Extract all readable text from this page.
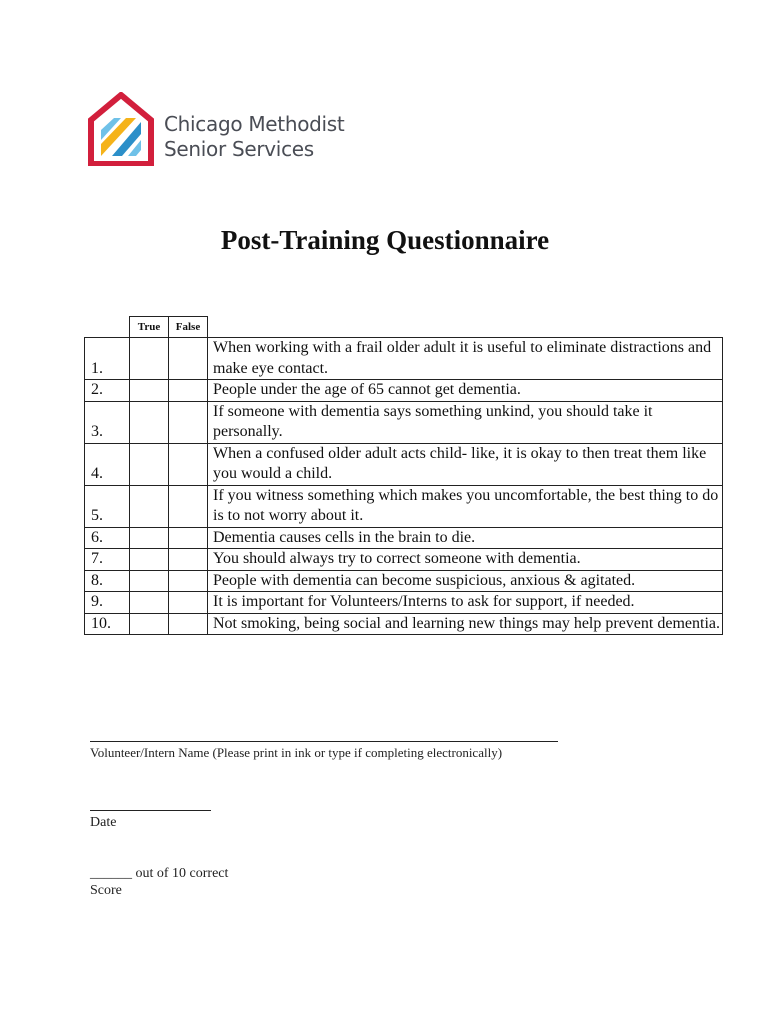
Chicago Methodist
Senior Services
Post-Training Questionnaire
	True	False	
1.			When working with a frail older adult it is useful to eliminate distractions and make eye contact.
2.			People under the age of 65 cannot get dementia.
3.			If someone with dementia says something unkind, you should take it personally.
4.			When a confused older adult acts child- like, it is okay to then treat them like you would a child.
5.			If you witness something which makes you uncomfortable, the best thing to do is to not worry about it.
6.			Dementia causes cells in the brain to die.
7.			You should always try to correct someone with dementia.
8.			People with dementia can become suspicious, anxious & agitated.
9.			It is important for Volunteers/Interns to ask for support, if needed.
10.			Not smoking, being social and learning new things may help prevent dementia.
Volunteer/Intern Name (Please print in ink or type if completing electronically)
Date
______ out of 10 correct
Score
